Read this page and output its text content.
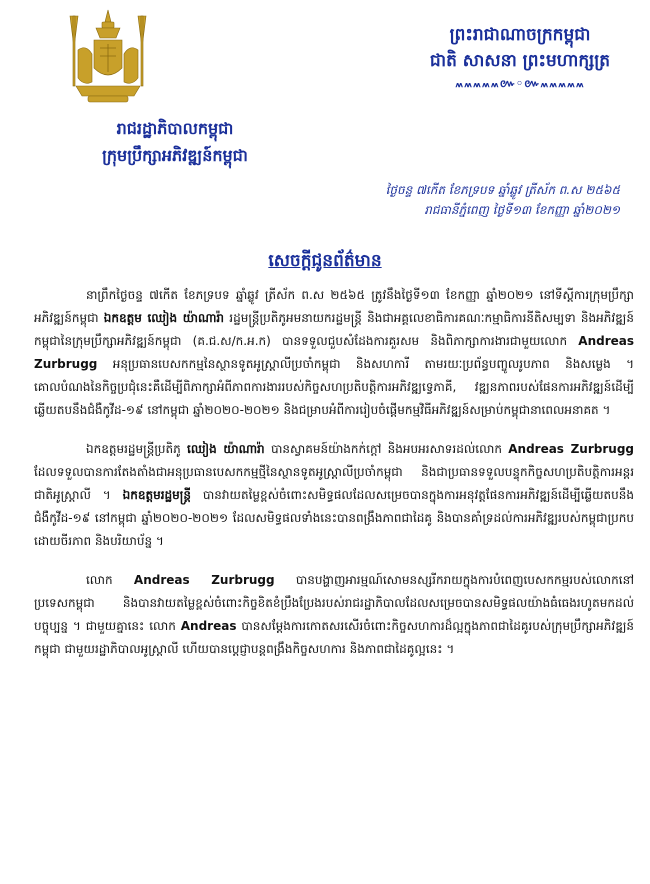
ព្រះរាជាណាចក្រកម្ពុជា
ជាតិ សាសនា ព្រះមហាក្សត្រ
៳៳៳៳៳៚◦៚៳៳៳៳៳
រាជរដ្ឋាភិបាលកម្ពុជា
ក្រុមប្រឹក្សាអភិវឌ្ឍន៍កម្ពុជា
ថ្ងៃចន្ទ ៧កើត ខែភទ្របទ ឆ្នាំឆ្លូវ ត្រីស័ក ព.ស ២៥៦៥
រាជធានីភ្នំពេញ ថ្ងៃទី១៣ ខែកញ្ញា ឆ្នាំ២០២១
សេចក្តីជូនព័ត៌មាន

នាព្រឹកថ្ងៃចន្ទ ៧កើត ខែភទ្របទ ឆ្នាំឆ្លូវ ត្រីស័ក ព.ស ២៥៦៥ ត្រូវនឹងថ្ងៃទី១៣ ខែកញ្ញា ឆ្នាំ២០២១ នៅទីស្តីការក្រុមប្រឹក្សាអភិវឌ្ឍន៍កម្ពុជា ឯកឧត្តម ឈៀង យ៉ាណារ៉ា រដ្ឋមន្ត្រីប្រតិភូអមនាយករដ្ឋមន្ត្រី និងជាអគ្គលេខាធិការគណៈកម្មាធិការនីតិសម្បទា និងអភិវឌ្ឍន៍កម្ពុជានៃក្រុមប្រឹក្សាអភិវឌ្ឍន៍កម្ពុជា (គ.ជ.ស/ក.អ.ក) បានទទួលជួបសំដែងការគួរសម និងពិភាក្សាការងារជាមួយលោក Andreas Zurbrugg អនុប្រធានបេសកកម្មនៃស្ថានទូតអូស្ត្រាលីប្រចាំកម្ពុជា និងសហការី តាមរយៈប្រព័ន្ធបញ្ចូលរូបភាព និងសម្លេង ។ គោលបំណងនៃកិច្ចប្រជុំនេះគឺដើម្បីពិភាក្សាអំពីភាពការងាររបស់កិច្ចសហប្រតិបត្តិការអភិវឌ្ឍទ្វេភាគី, វឌ្ឍនភាពរបស់ផែនការអភិវឌ្ឍន៍ដើម្បីឆ្លើយតបនឹងជំងឺកូវីដ-១៩ នៅកម្ពុជា ឆ្នាំ២០២០-២០២១ និងជម្រាបអំពីការរៀបចំផ្តើមកម្មវិធីអភិវឌ្ឍន៍សម្រាប់កម្ពុជានាពេលអនាគត ។

ឯកឧត្តមរដ្ឋមន្ត្រីប្រតិភូ ឈៀង យ៉ាណារ៉ា បានស្វាគមន៍យ៉ាងកក់ក្តៅ និងអបអរសាទរដល់លោក Andreas Zurbrugg ដែលទទួលបានការតែងតាំងជាអនុប្រធានបេសកកម្មថ្មីនៃស្ថានទូតអូស្ត្រាលីប្រចាំកម្ពុជា និងជាប្រធានទទួលបន្ទុកកិច្ចសហប្រតិបត្តិការអន្តរជាតិអូស្ត្រាលី ។ ឯកឧត្តមរដ្ឋមន្ត្រី បានវាយតម្លៃខ្ពស់ចំពោះសមិទ្ធផលដែលសម្រេចបានក្នុងការអនុវត្តផែនការអភិវឌ្ឍន៍ដើម្បីឆ្លើយតបនឹងជំងឺកូវីដ-១៩ នៅកម្ពុជា ឆ្នាំ២០២០-២០២១ ដែលសមិទ្ធផលទាំងនេះបានពង្រឹងភាពជាដៃគូ និងបានគាំទ្រដល់ការអភិវឌ្ឍរបស់កម្ពុជាប្រកបដោយចីរភាព និងបរិយាប័ន្ន ។

លោក Andreas Zurbrugg បានបង្ហាញអារម្មណ៍សោមនស្សរីករាយក្នុងការបំពេញបេសកកម្មរបស់លោកនៅប្រទេសកម្ពុជា និងបានវាយតម្លៃខ្ពស់ចំពោះកិច្ចខិតខំប្រឹងប្រែងរបស់រាជរដ្ឋាភិបាលដែលសម្រេចបានសមិទ្ធផលយ៉ាងធំធេងរហូតមកដល់បច្ចុប្បន្ន ។ ជាមួយគ្នានេះ លោក Andreas បានសម្តែងការកោតសរសើរចំពោះកិច្ចសហការដ៏ល្អក្នុងភាពជាដៃគូរបស់ក្រុមប្រឹក្សាអភិវឌ្ឍន៍កម្ពុជា ជាមួយរដ្ឋាភិបាលអូស្ត្រាលី ហើយបានប្តេជ្ញាបន្តពង្រឹងកិច្ចសហការ និងភាពជាដៃគូល្អនេះ ។
